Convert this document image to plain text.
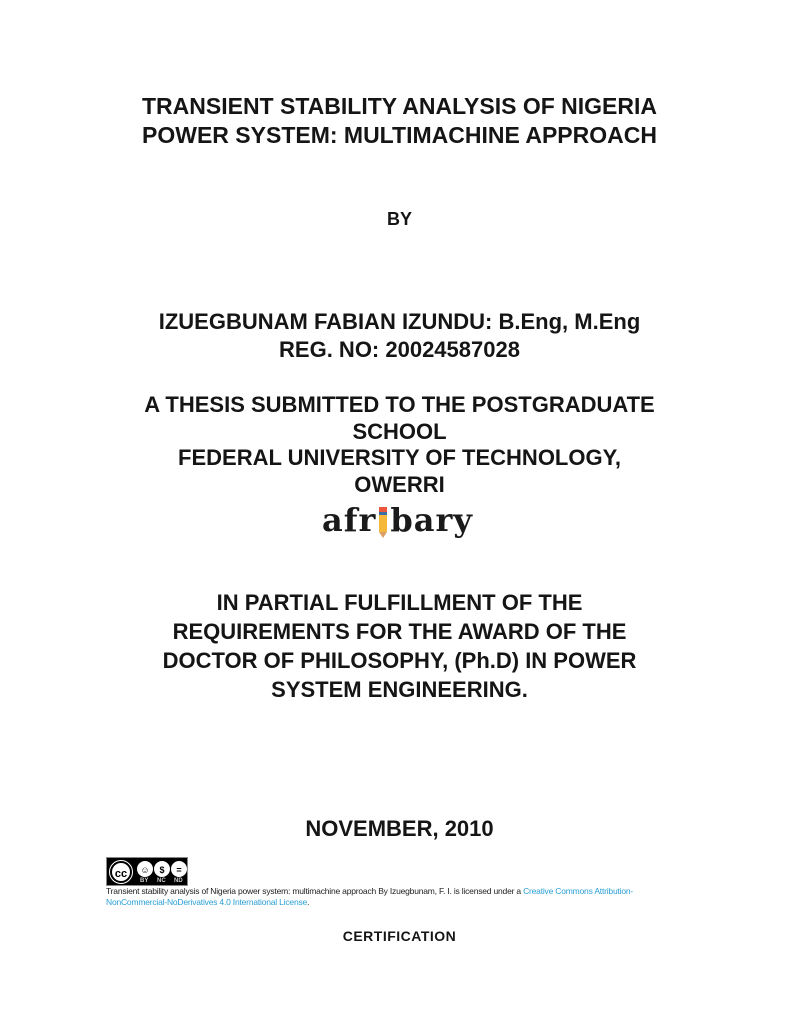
TRANSIENT STABILITY ANALYSIS OF NIGERIA
POWER SYSTEM: MULTIMACHINE APPROACH
BY
IZUEGBUNAM FABIAN IZUNDU: B.Eng, M.Eng
REG. NO: 20024587028
A THESIS SUBMITTED TO THE POSTGRADUATE
SCHOOL
FEDERAL UNIVERSITY OF TECHNOLOGY,
OWERRI
afr bary
IN PARTIAL FULFILLMENT OF THE
REQUIREMENTS FOR THE AWARD OF THE
DOCTOR OF PHILOSOPHY, (Ph.D) IN POWER
SYSTEM ENGINEERING.
NOVEMBER, 2010
cc	☺	$	=
BY NC ND
Transient stability analysis of Nigeria power system: multimachine approach By Izuegbunam, F. I. is licensed under a Creative Commons Attribution-NonCommercial-NoDerivatives 4.0 International License.
CERTIFICATION
